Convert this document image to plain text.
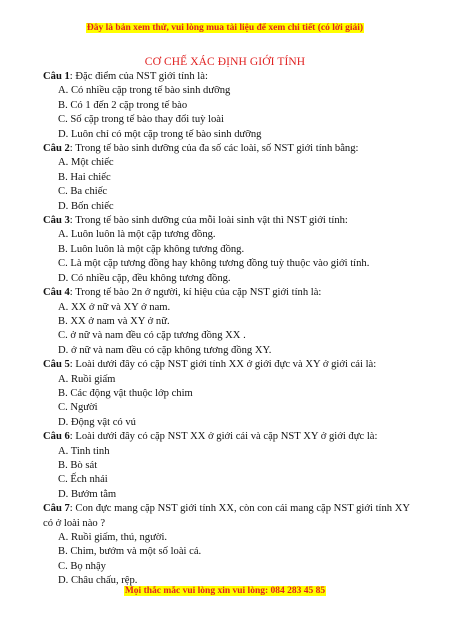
Đây là bản xem thử, vui lòng mua tài liệu để xem chi tiết (có lời giải)
CƠ CHẾ XÁC ĐỊNH GIỚI TÍNH

Câu 1: Đặc điểm của NST giới tính là:

A. Có nhiều cặp trong tế bào sinh dưỡng

B. Có 1 đến 2 cặp trong tế bào

C. Số cặp trong tế bào thay đổi tuỳ loài

D. Luôn chỉ có một cặp trong tế bào sinh dưỡng

Câu 2: Trong tế bào sinh dưỡng của đa số các loài, số NST giới tính bằng:

A. Một chiếc

B. Hai chiếc

C. Ba chiếc

D. Bốn chiếc

Câu 3: Trong tế bào sinh dưỡng của mỗi loài sinh vật thì NST giới tính:

A. Luôn luôn là một cặp tương đồng.

B. Luôn luôn là một cặp không tương đồng.

C. Là một cặp tương đồng hay không tương đồng tuỳ thuộc vào giới tính.

D. Có nhiều cặp, đều không tương đồng.

Câu 4: Trong tế bào 2n ở người, kí hiệu của cặp NST giới tính là:

A. XX ở nữ và XY ở nam.

B. XX ở nam và XY ở nữ.

C. ở nữ và nam đều có cặp tương đồng XX .

D. ở nữ và nam đều có cặp không tương đồng XY.

Câu 5: Loài dưới đây có cặp NST giới tính XX ở giới đực và XY ở giới cái là:

A. Ruồi giấm

B. Các động vật thuộc lớp chim

C. Người

D. Động vật có vú

Câu 6: Loài dưới đây có cặp NST XX ở giới cái và cặp NST XY ở giới đực là:

A. Tinh tinh

B. Bò sát

C. Ếch nhái

D. Bướm tằm

Câu 7: Con đực mang cặp NST giới tính XX, còn con cái mang cặp NST giới tính XY có ở loài nào ?

A. Ruồi giấm, thú, người.

B. Chim, bướm và một số loài cá.

C. Bọ nhậy

D. Châu chấu, rệp.

Mọi thắc mắc vui lòng xin vui lòng: 084 283 45 85
